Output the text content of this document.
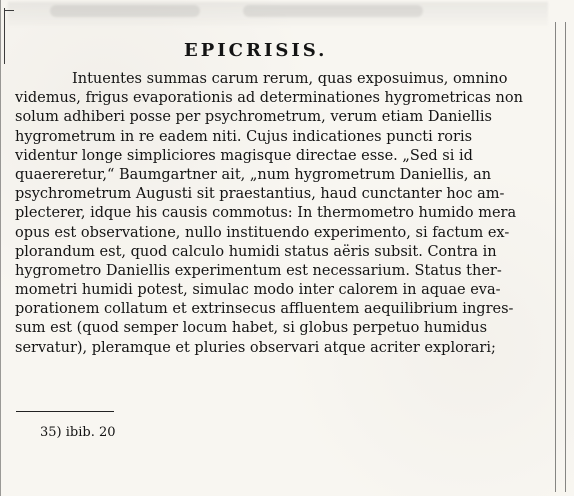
EPICRISIS.
Intuentes summas carum rerum, quas exposuimus, omnino
videmus, frigus evaporationis ad determinationes hygrometricas non
solum adhiberi posse per psychrometrum, verum etiam Daniellis
hygrometrum in re eadem niti. Cujus indicationes puncti roris
videntur longe simpliciores magisque directae esse. „Sed si id
quaereretur,“ Baumgartner ait, „num hygrometrum Daniellis, an
psychrometrum Augusti sit praestantius, haud cunctanter hoc am-
plecterer, idque his causis commotus: In thermometro humido mera
opus est observatione, nullo instituendo experimento, si factum ex-
plorandum est, quod calculo humidi status aëris subsit. Contra in
hygrometro Daniellis experimentum est necessarium. Status ther-
mometri humidi potest, simulac modo inter calorem in aquae eva-
porationem collatum et extrinsecus affluentem aequilibrium ingres-
sum est (quod semper locum habet, si globus perpetuo humidus
servatur), pleramque et pluries observari atque acriter explorari;
35) ibib. 20
